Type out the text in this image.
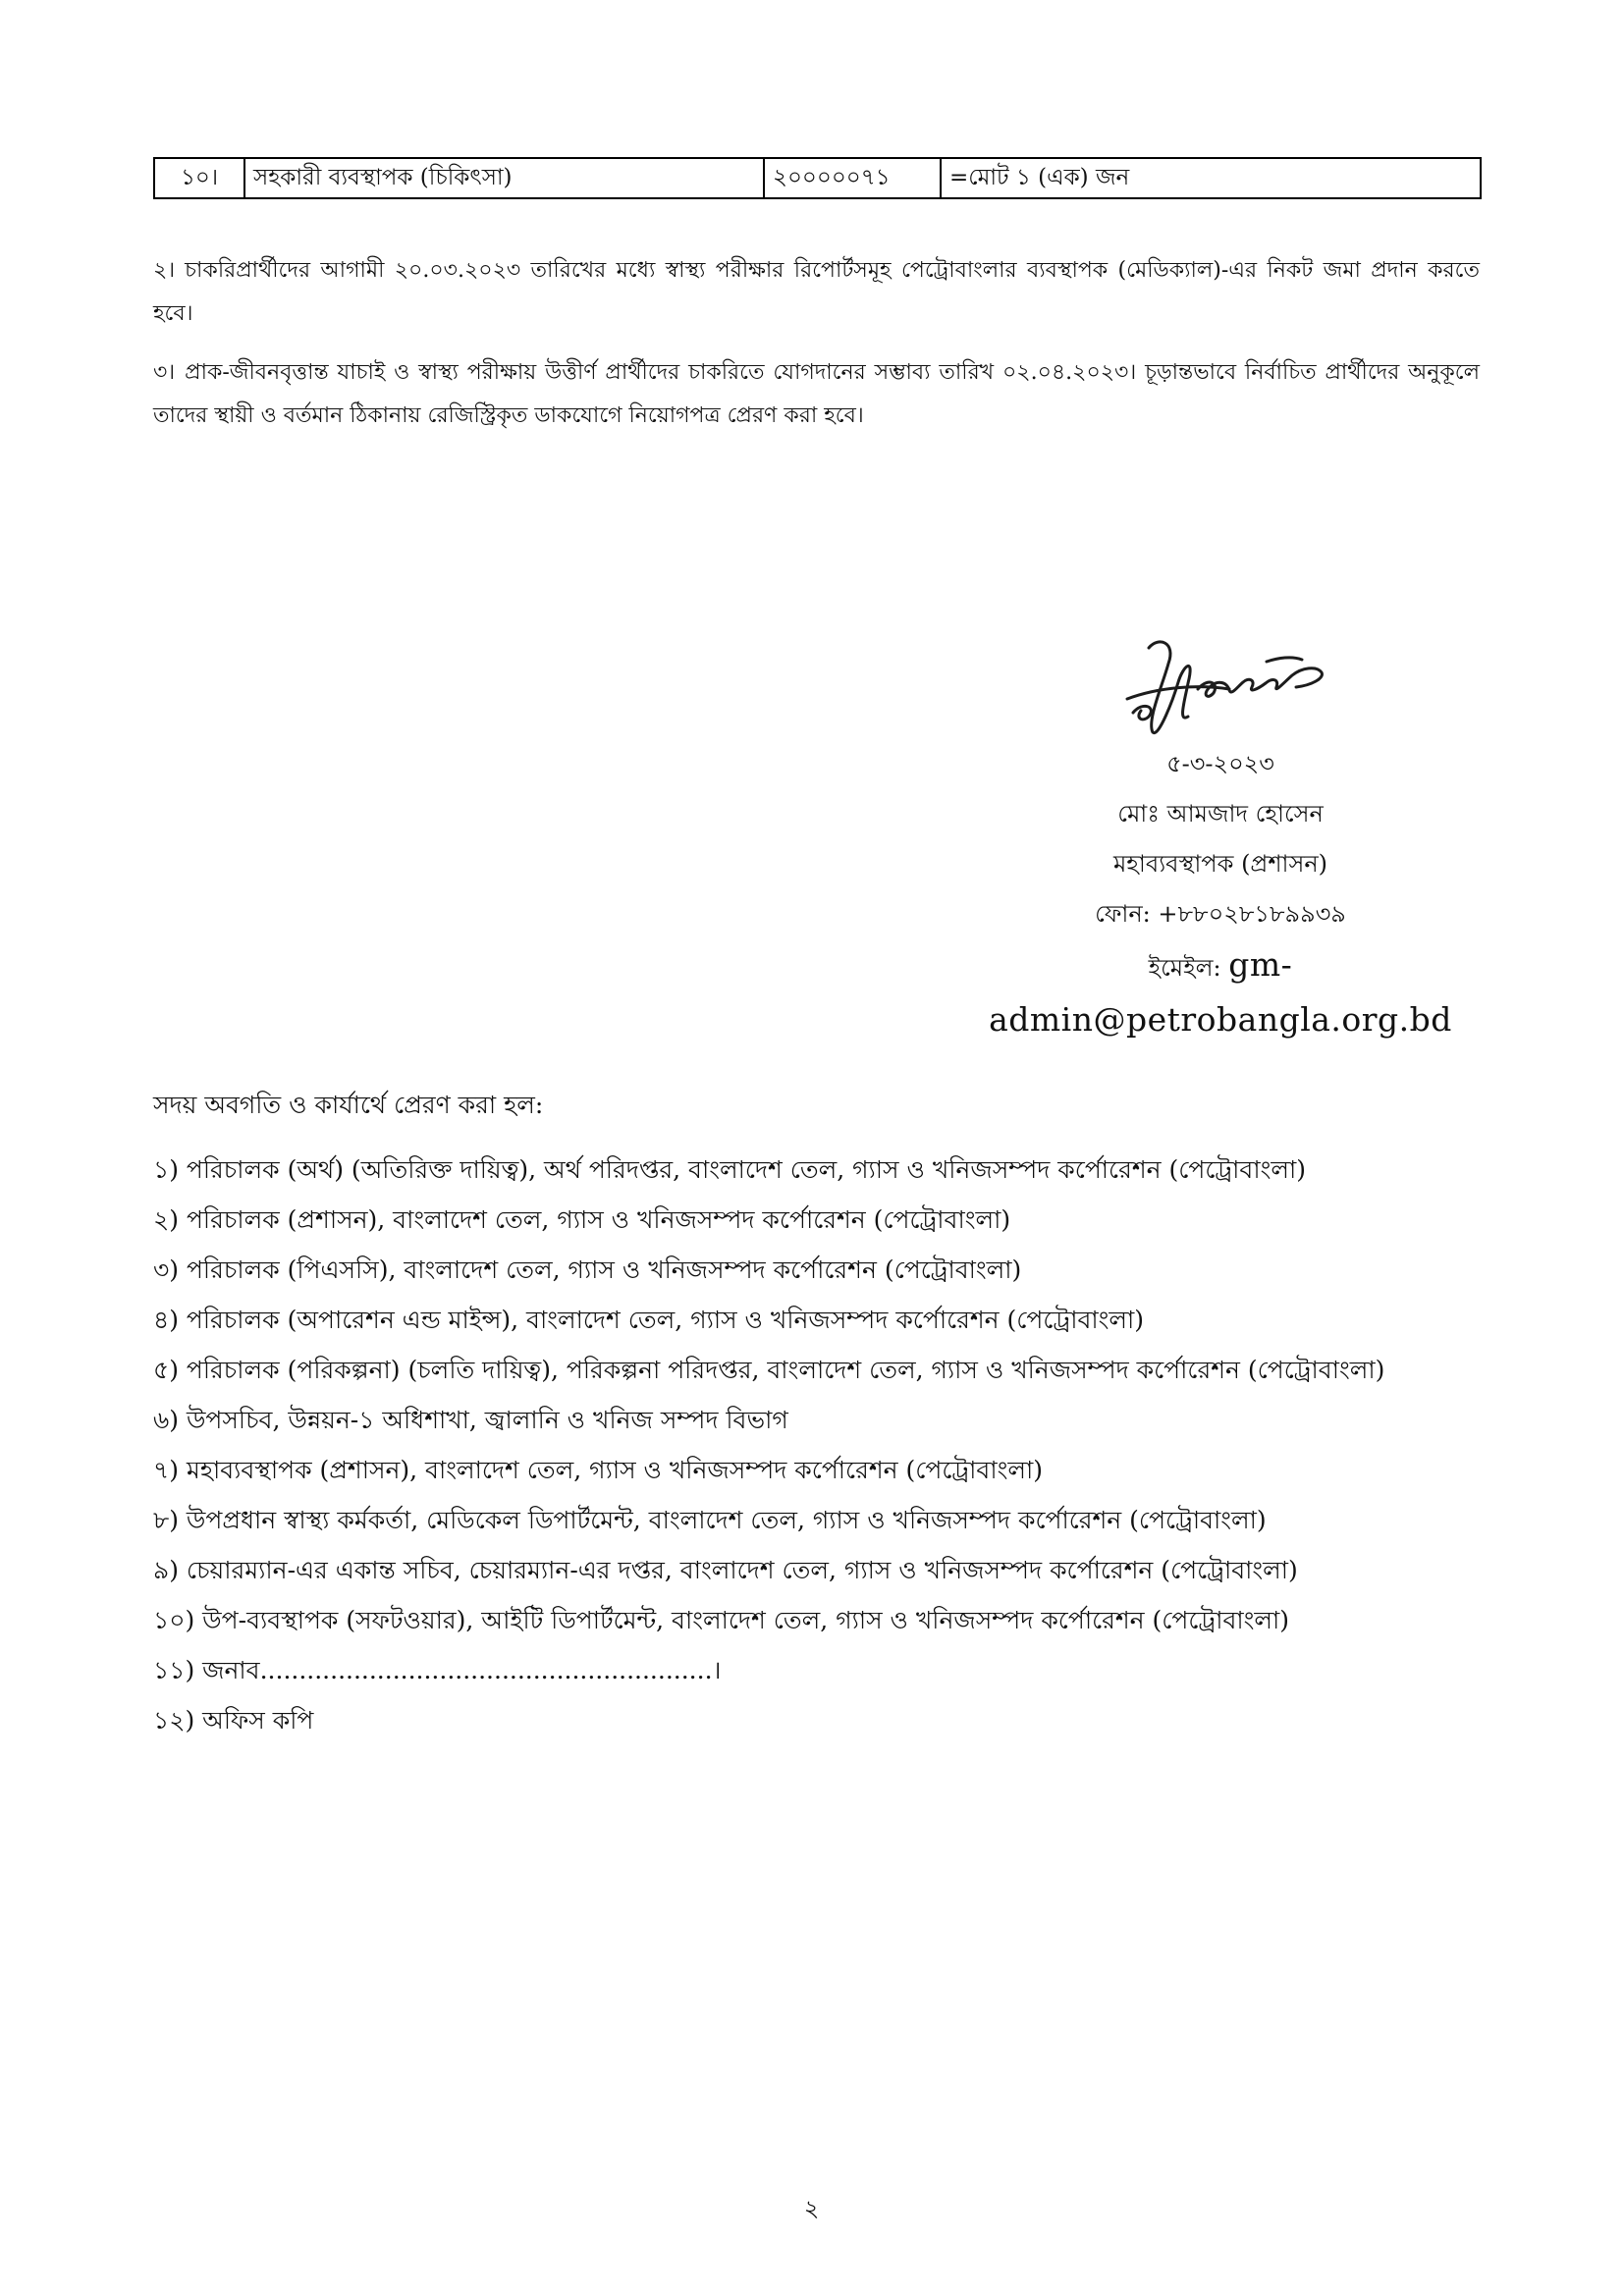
১০।	সহকারী ব্যবস্থাপক (চিকিৎসা)	২০০০০০৭১	=মোট ১ (এক) জন

২। চাকরিপ্রার্থীদের আগামী ২০.০৩.২০২৩ তারিখের মধ্যে স্বাস্থ্য পরীক্ষার রিপোর্টসমূহ পেট্রোবাংলার ব্যবস্থাপক (মেডিক্যাল)-এর নিকট জমা প্রদান করতে হবে।

৩। প্রাক-জীবনবৃত্তান্ত যাচাই ও স্বাস্থ্য পরীক্ষায় উত্তীর্ণ প্রার্থীদের চাকরিতে যোগদানের সম্ভাব্য তারিখ ০২.০৪.২০২৩। চূড়ান্তভাবে নির্বাচিত প্রার্থীদের অনুকূলে তাদের স্থায়ী ও বর্তমান ঠিকানায় রেজিস্ট্রিকৃত ডাকযোগে নিয়োগপত্র প্রেরণ করা হবে।

৫-৩-২০২৩
মোঃ আমজাদ হোসেন
মহাব্যবস্থাপক (প্রশাসন)
ফোন: +৮৮০২৮১৮৯৯৩৯
ইমেইল: gm-
admin@petrobangla.org.bd
সদয় অবগতি ও কার্যার্থে প্রেরণ করা হল:
১) পরিচালক (অর্থ) (অতিরিক্ত দায়িত্ব), অর্থ পরিদপ্তর, বাংলাদেশ তেল, গ্যাস ও খনিজসম্পদ কর্পোরেশন (পেট্রোবাংলা)
২) পরিচালক (প্রশাসন), বাংলাদেশ তেল, গ্যাস ও খনিজসম্পদ কর্পোরেশন (পেট্রোবাংলা)
৩) পরিচালক (পিএসসি), বাংলাদেশ তেল, গ্যাস ও খনিজসম্পদ কর্পোরেশন (পেট্রোবাংলা)
৪) পরিচালক (অপারেশন এন্ড মাইন্স), বাংলাদেশ তেল, গ্যাস ও খনিজসম্পদ কর্পোরেশন (পেট্রোবাংলা)
৫) পরিচালক (পরিকল্পনা) (চলতি দায়িত্ব), পরিকল্পনা পরিদপ্তর, বাংলাদেশ তেল, গ্যাস ও খনিজসম্পদ কর্পোরেশন (পেট্রোবাংলা)
৬) উপসচিব, উন্নয়ন-১ অধিশাখা, জ্বালানি ও খনিজ সম্পদ বিভাগ
৭) মহাব্যবস্থাপক (প্রশাসন), বাংলাদেশ তেল, গ্যাস ও খনিজসম্পদ কর্পোরেশন (পেট্রোবাংলা)
৮) উপপ্রধান স্বাস্থ্য কর্মকর্তা, মেডিকেল ডিপার্টমেন্ট, বাংলাদেশ তেল, গ্যাস ও খনিজসম্পদ কর্পোরেশন (পেট্রোবাংলা)
৯) চেয়ারম্যান-এর একান্ত সচিব, চেয়ারম্যান-এর দপ্তর, বাংলাদেশ তেল, গ্যাস ও খনিজসম্পদ কর্পোরেশন (পেট্রোবাংলা)
১০) উপ-ব্যবস্থাপক (সফটওয়ার), আইটি ডিপার্টমেন্ট, বাংলাদেশ তেল, গ্যাস ও খনিজসম্পদ কর্পোরেশন (পেট্রোবাংলা)
১১) জনাব..........................................................।
১২) অফিস কপি
২
